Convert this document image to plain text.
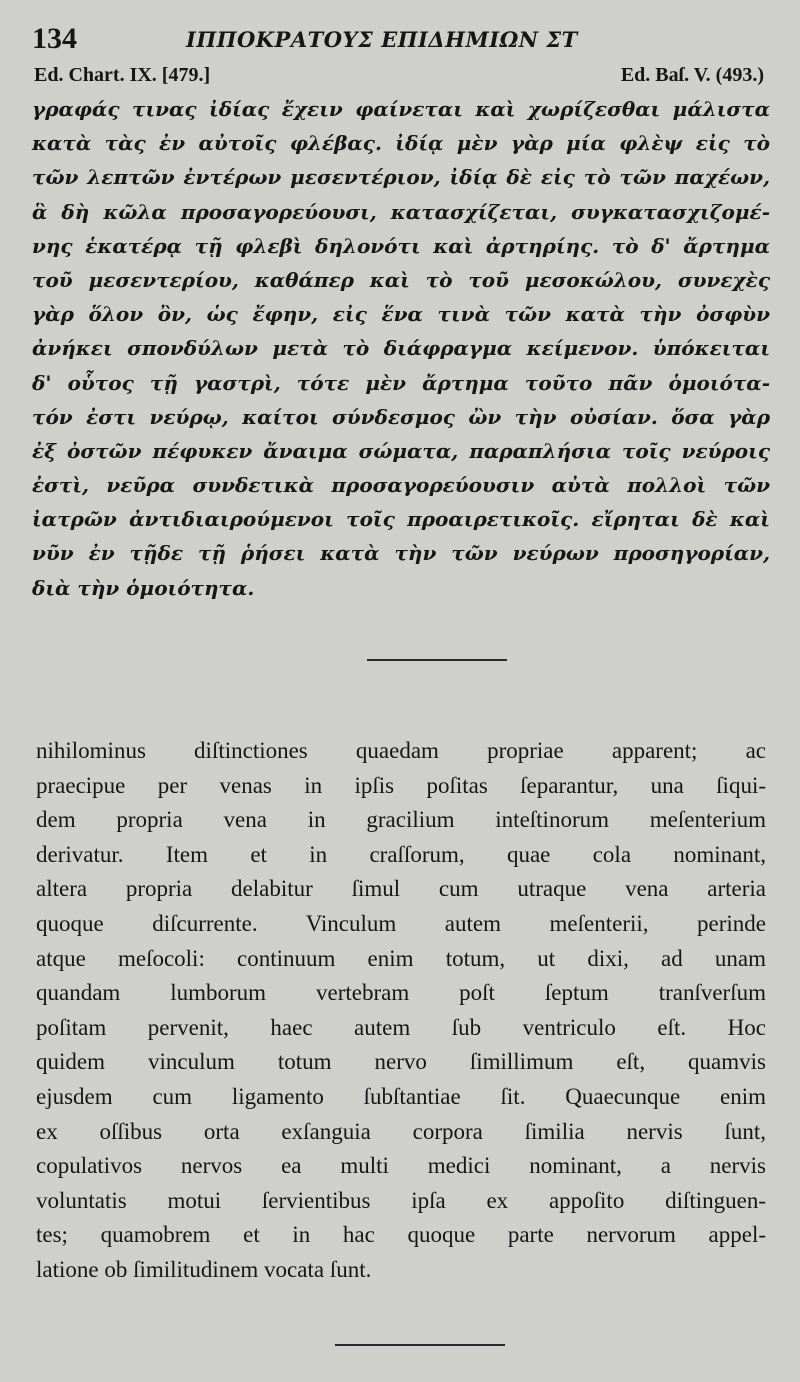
134	ΙΠΠΟΚΡΑΤΟΥΣ ΕΠΙΔΗΜΙΩΝ ΣΤ
Ed. Chart. IX. [479.]	Ed. Baſ. V. (493.)
γραφάς τινας ἰδίας ἔχειν φαίνεται καὶ χωρίζεσθαι μάλιστα
κατὰ τὰς ἐν αὐτοῖς φλέβας. ἰδίᾳ μὲν γὰρ μία φλὲψ εἰς τὸ
τῶν λεπτῶν ἐντέρων μεσεντέριον, ἰδίᾳ δὲ εἰς τὸ τῶν παχέων,
ἃ δὴ κῶλα προσαγορεύουσι, κατασχίζεται, συγκατασχιζομέ-
νης ἑκατέρᾳ τῇ φλεβὶ δηλονότι καὶ ἀρτηρίης. τὸ δ' ἄρτημα
τοῦ μεσεντερίου, καθάπερ καὶ τὸ τοῦ μεσοκώλου, συνεχὲς
γὰρ ὅλον ὂν, ὡς ἔφην, εἰς ἕνα τινὰ τῶν κατὰ τὴν ὀσφὺν
ἀνήκει σπονδύλων μετὰ τὸ διάφραγμα κείμενον. ὑπόκειται
δ' οὗτος τῇ γαστρὶ, τότε μὲν ἄρτημα τοῦτο πᾶν ὁμοιότα-
τόν ἐστι νεύρῳ, καίτοι σύνδεσμος ὢν τὴν οὐσίαν. ὅσα γὰρ
ἐξ ὀστῶν πέφυκεν ἄναιμα σώματα, παραπλήσια τοῖς νεύροις
ἐστὶ, νεῦρα συνδετικὰ προσαγορεύουσιν αὐτὰ πολλοὶ τῶν
ἰατρῶν ἀντιδιαιρούμενοι τοῖς προαιρετικοῖς. εἴρηται δὲ καὶ
νῦν ἐν τῇδε τῇ ῥήσει κατὰ τὴν τῶν νεύρων προσηγορίαν,
διὰ τὴν ὁμοιότητα.
nihilominus diſtinctiones quaedam propriae apparent; ac
praecipue per venas in ipſis poſitas ſeparantur, una ſiqui-
dem propria vena in gracilium inteſtinorum meſenterium
derivatur. Item et in craſſorum, quae cola nominant,
altera propria delabitur ſimul cum utraque vena arteria
quoque diſcurrente. Vinculum autem meſenterii, perinde
atque meſocoli: continuum enim totum, ut dixi, ad unam
quandam lumborum vertebram poſt ſeptum tranſverſum
poſitam pervenit, haec autem ſub ventriculo eſt. Hoc
quidem vinculum totum nervo ſimillimum eſt, quamvis
ejusdem cum ligamento ſubſtantiae ſit. Quaecunque enim
ex oſſibus orta exſanguia corpora ſimilia nervis ſunt,
copulativos nervos ea multi medici nominant, a nervis
voluntatis motui ſervientibus ipſa ex appoſito diſtinguen-
tes; quamobrem et in hac quoque parte nervorum appel-
latione ob ſimilitudinem vocata ſunt.
